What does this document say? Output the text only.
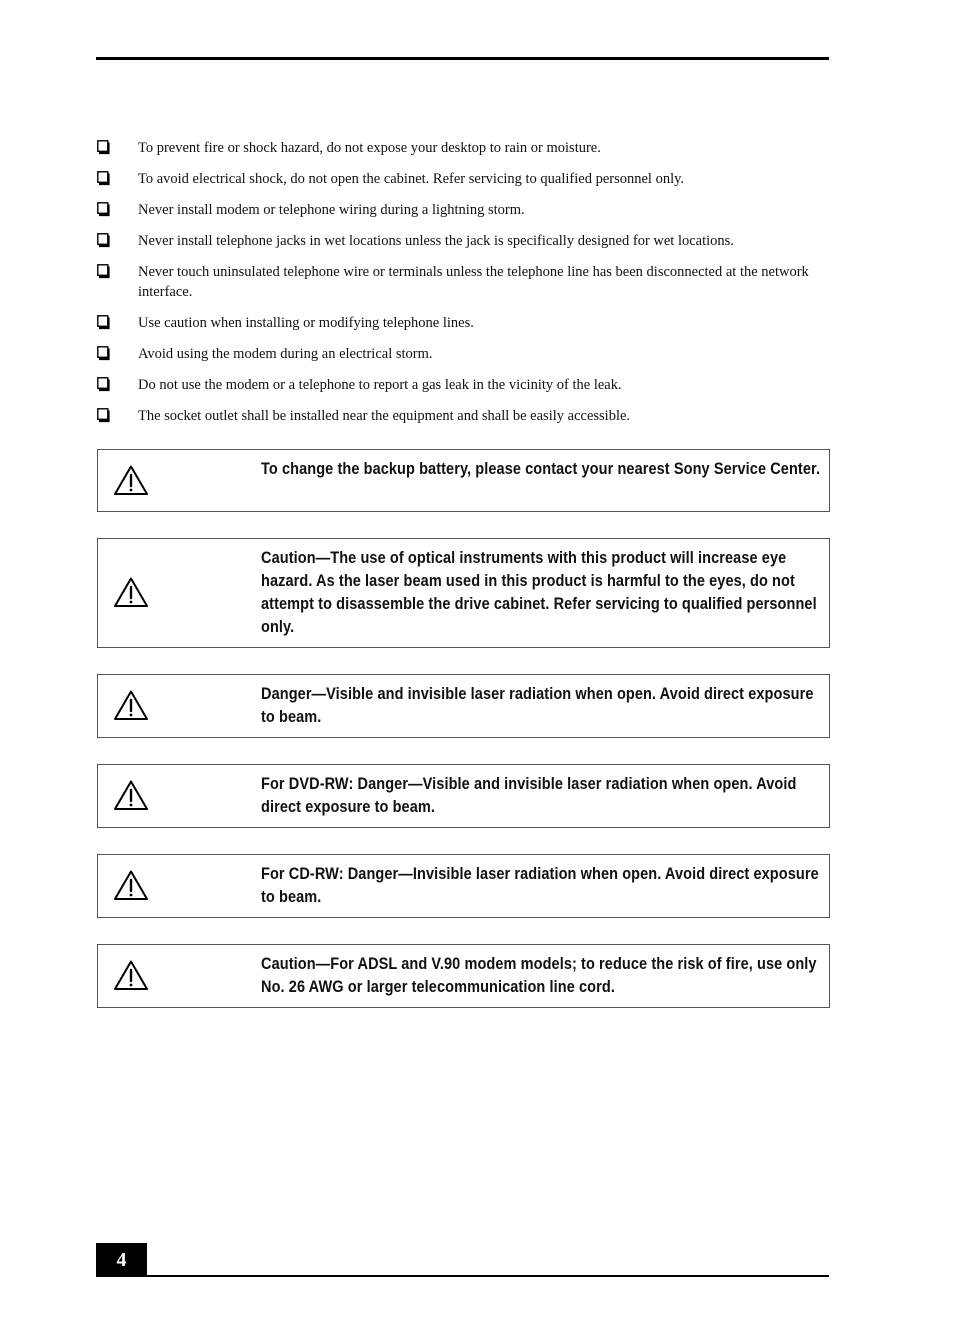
To prevent fire or shock hazard, do not expose your desktop to rain or moisture.
To avoid electrical shock, do not open the cabinet. Refer servicing to qualified personnel only.
Never install modem or telephone wiring during a lightning storm.
Never install telephone jacks in wet locations unless the jack is specifically designed for wet locations.
Never touch uninsulated telephone wire or terminals unless the telephone line has been disconnected at the network interface.
Use caution when installing or modifying telephone lines.
Avoid using the modem during an electrical storm.
Do not use the modem or a telephone to report a gas leak in the vicinity of the leak.
The socket outlet shall be installed near the equipment and shall be easily accessible.
To change the backup battery, please contact your nearest Sony Service Center.
Caution—The use of optical instruments with this product will increase eye hazard. As the laser beam used in this product is harmful to the eyes, do not attempt to disassemble the drive cabinet. Refer servicing to qualified personnel only.
Danger—Visible and invisible laser radiation when open. Avoid direct exposure to beam.
For DVD-RW: Danger—Visible and invisible laser radiation when open. Avoid direct exposure to beam.
For CD-RW: Danger—Invisible laser radiation when open. Avoid direct exposure to beam.
Caution—For ADSL and V.90 modem models; to reduce the risk of fire, use only No. 26 AWG or larger telecommunication line cord.
4
